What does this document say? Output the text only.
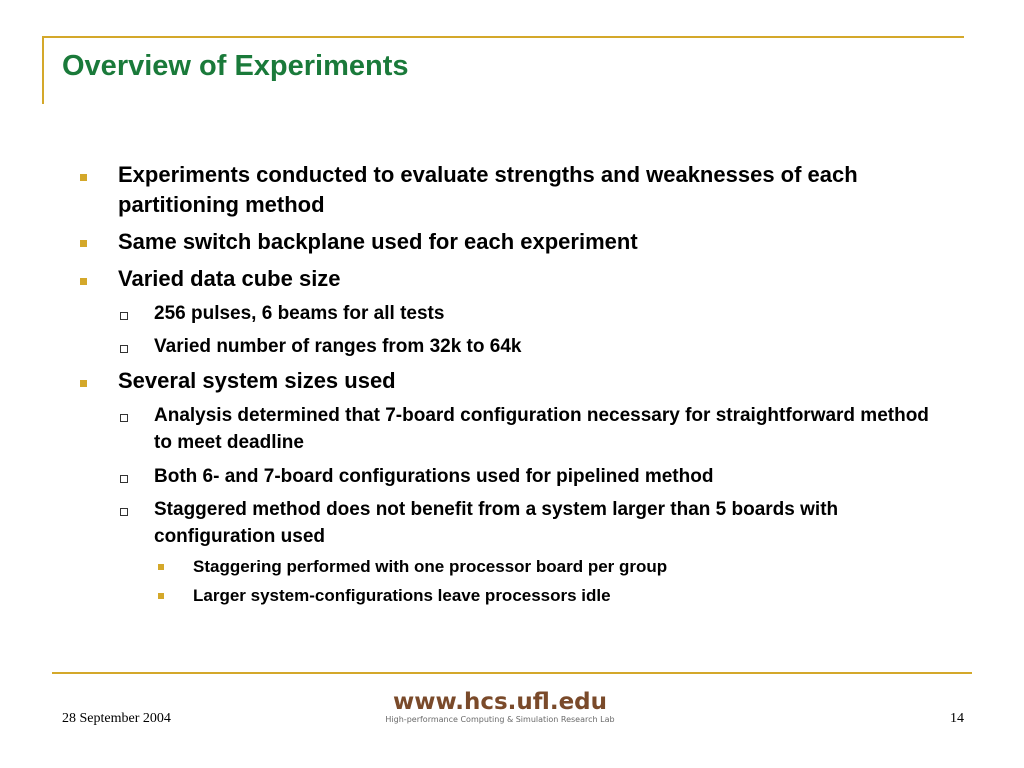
Overview of Experiments
Experiments conducted to evaluate strengths and weaknesses of each partitioning method
Same switch backplane used for each experiment
Varied data cube size
256 pulses, 6 beams for all tests
Varied number of ranges from 32k to 64k
Several system sizes used
Analysis determined that 7-board configuration necessary for straightforward method to meet deadline
Both 6- and 7-board configurations used for pipelined method
Staggered method does not benefit from a system larger than 5 boards with configuration used
Staggering performed with one processor board per group
Larger system-configurations leave processors idle
28 September 2004
www.hcs.ufl.edu
High-performance Computing & Simulation Research Lab	14
